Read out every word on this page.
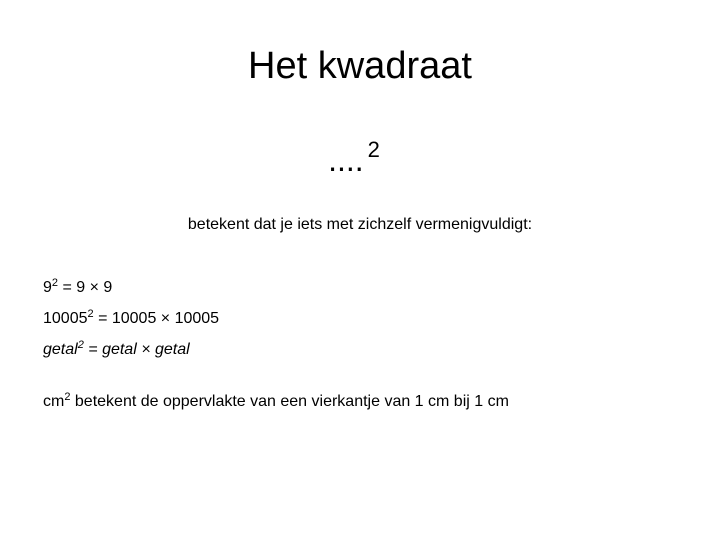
Het kwadraat
.... $^2$
betekent dat je iets met zichzelf vermenigvuldigt:
$9^2 = 9 \times 9$
$10005^2 = 10005 \times 10005$
getal$^2$ = getal × getal
$cm^2$ betekent de oppervlakte van een vierkantje van 1 cm bij 1 cm
